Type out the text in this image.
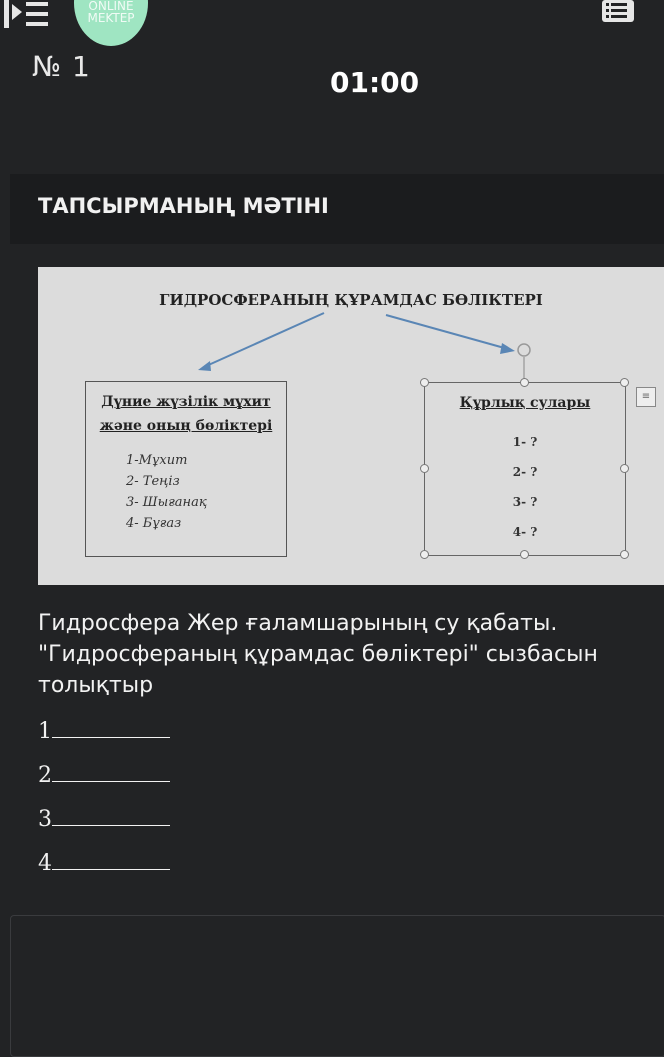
ONLINE MEKTEP
№ 1	01:00
ТАПСЫРМАНЫҢ МӘТІНІ
ГИДРОСФЕРАНЫҢ ҚҰРАМДАС БӨЛІКТЕРІ
Дүние жүзілік мұхит
және оның бөліктері
1-Мұхит
2- Теңіз
3- Шығанақ
4- Бұғаз
Құрлық сулары
1- ?
2- ?
3- ?
4- ?
≡
Гидросфера Жер ғаламшарының су қабаты. "Гидросфераның құрамдас бөліктері" сызбасын толықтыр
1
2
3
4
